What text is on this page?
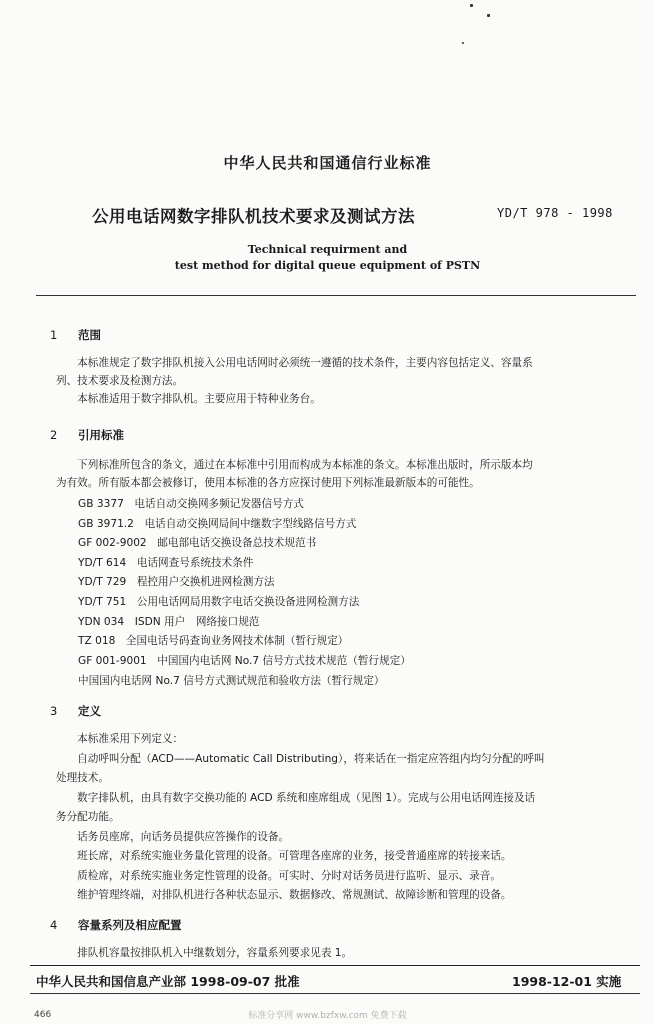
中华人民共和国通信行业标准
公用电话网数字排队机技术要求及测试方法	YD/T 978 - 1998
Technical requirment and
test method for digital queue equipment of PSTN
1 范围
　　本标准规定了数字排队机接入公用电话网时必须统一遵循的技术条件，主要内容包括定义、容量系
列、技术要求及检测方法。
　　本标准适用于数字排队机。主要应用于特种业务台。
2 引用标准
　　下列标准所包含的条文，通过在本标准中引用而构成为本标准的条文。本标准出版时，所示版本均
为有效。所有版本都会被修订，使用本标准的各方应探讨使用下列标准最新版本的可能性。
GB 3377　电话自动交换网多频记发器信号方式
GB 3971.2　电话自动交换网局间中继数字型线路信号方式
GF 002-9002　邮电部电话交换设备总技术规范书
YD/T 614　电话网查号系统技术条件
YD/T 729　程控用户交换机进网检测方法
YD/T 751　公用电话网局用数字电话交换设备进网检测方法
YDN 034　ISDN 用户　网络接口规范
TZ 018　全国电话号码查询业务网技术体制（暂行规定）
GF 001-9001　中国国内电话网 No.7 信号方式技术规范（暂行规定）
中国国内电话网 No.7 信号方式测试规范和验收方法（暂行规定）
3 定义
　　本标准采用下列定义：
　　自动呼叫分配（ACD——Automatic Call Distributing），将来话在一指定应答组内均匀分配的呼叫
处理技术。
　　数字排队机，由具有数字交换功能的 ACD 系统和座席组成（见图 1）。完成与公用电话网连接及话
务分配功能。
　　话务员座席，向话务员提供应答操作的设备。
　　班长席，对系统实施业务量化管理的设备。可管理各座席的业务，接受普通座席的转接来话。
　　质检席，对系统实施业务定性管理的设备。可实时、分时对话务员进行监听、显示、录音。
　　维护管理终端，对排队机进行各种状态显示、数据修改、常规测试、故障诊断和管理的设备。
4 容量系列及相应配置
　　排队机容量按排队机入中继数划分，容量系列要求见表 1。
中华人民共和国信息产业部 1998-09-07 批准	1998-12-01 实施
标准分享网 www.bzfxw.com 免费下载
466
